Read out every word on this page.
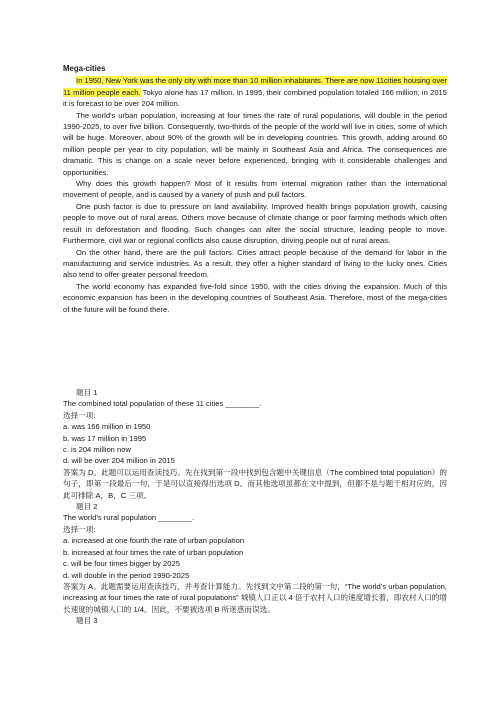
Mega-cities

In 1950, New York was the only city with more than 10 million inhabitants. There are now 11cities housing over 11 million people each. Tokyo alone has 17 million. In 1995, their combined population totaled 166 million; in 2015 it is forecast to be over 204 million.

The world's urban population, increasing at four times the rate of rural populations, will double in the period 1990-2025, to over five billion. Consequently, two-thirds of the people of the world will live in cities, some of which will be huge. Moreover, about 90% of the growth will be in developing countries. This growth, adding around 60 million people per year to city population, will be mainly in Southeast Asia and Africa. The consequences are dramatic. This is change on a scale never before experienced, bringing with it considerable challenges and opportunities.

Why does this growth happen? Most of it results from internal migration rather than the international movement of people, and is caused by a variety of push and pull factors.

One push factor is due to pressure on land availability. Improved health brings population growth, causing people to move out of rural areas. Others move because of climate change or poor farming methods which often result in deforestation and flooding. Such changes can alter the social structure, leading people to move. Furthermore, civil war or regional conflicts also cause disruption, driving people out of rural areas.

On the other hand, there are the pull factors. Cities attract people because of the demand for labor in the manufacturing and service industries. As a result, they offer a higher standard of living to the lucky ones. Cities also tend to offer greater personal freedom.

The world economy has expanded five-fold since 1950, with the cities driving the expansion. Much of this economic expansion has been in the developing countries of Southeast Asia. Therefore, most of the mega-cities of the future will be found there.

题目 1

The combined total population of these 11 cities ________.

选择一项:

a. was 166 million in 1950

b. was 17 million in 1995

c. is 204 million now

d. will be over 204 million in 2015

答案为 D。此题可以运用查读技巧。先在找到第一段中找到包含题中关键信息（The combined total population）的句子，即第一段最后一句，于是可以直接得出选项 D。而其他选项虽都在文中提到，但都不是与题干相对应的，因此可排除 A，B，C 三项。

题目 2

The world’s rural population ________.

选择一项:

a. increased at one fourth the rate of urban population

b. increased at four times the rate of urban population

c. will be four times bigger by 2025

d. will double in the period 1990-2025

答案为 A。此题需要运用查读技巧，并考查计算能力。先找到文中第二段的第一句，“The world’s urban population, increasing at four times the rate of rural populations” 城镇人口正以 4 倍于农村人口的速度增长着，即农村人口的增长速度的城镇人口的 1/4。因此，不要被选项 B 所迷惑而误选。

题目 3
